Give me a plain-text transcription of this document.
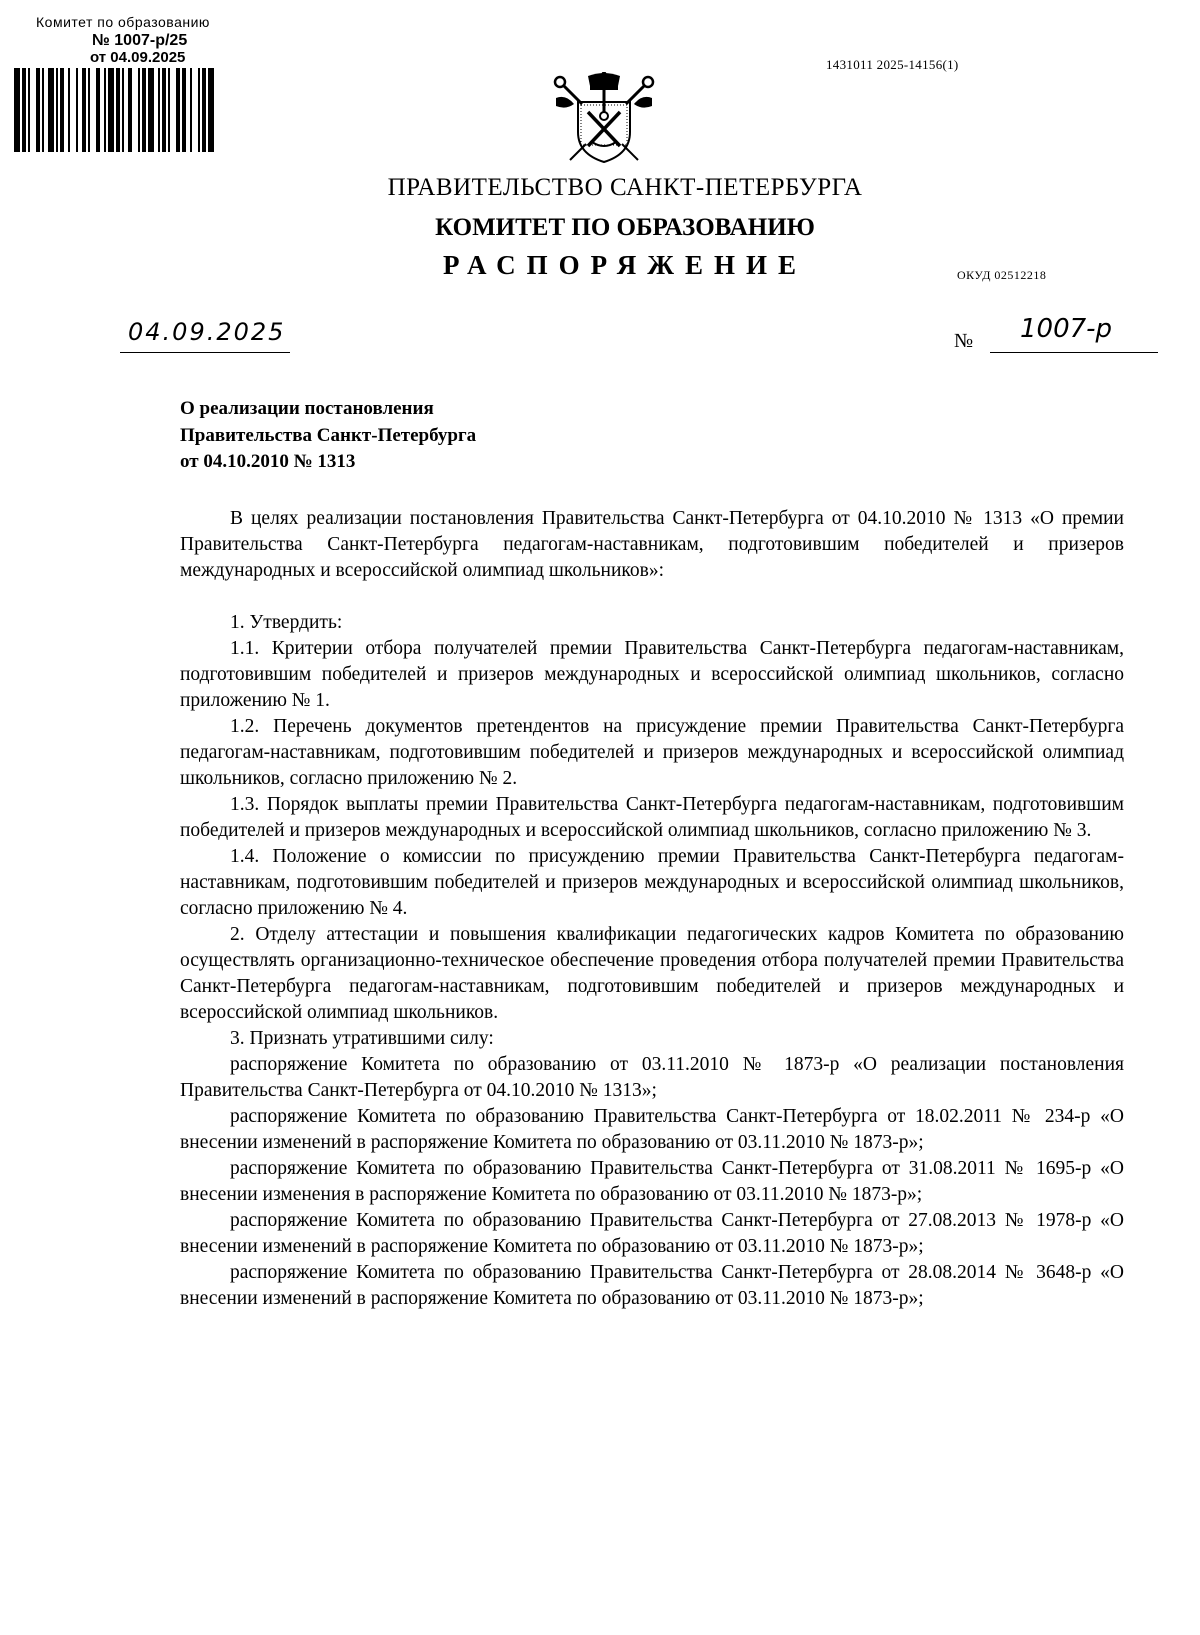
Комитет по образованию
№ 1007-р/25
от 04.09.2025	1431011 2025-14156(1)
ПРАВИТЕЛЬСТВО САНКТ-ПЕТЕРБУРГА
КОМИТЕТ ПО ОБРАЗОВАНИЮ
РАСПОРЯЖЕНИЕ	ОКУД 02512218
04.09.2025	№ 1007-р
О реализации постановления
Правительства Санкт-Петербурга
от 04.10.2010 № 1313

В целях реализации постановления Правительства Санкт-Петербурга от 04.10.2010 № 1313 «О премии Правительства Санкт-Петербурга педагогам-наставникам, подготовившим победителей и призеров международных и всероссийской олимпиад школьников»:

1. Утвердить:

1.1. Критерии отбора получателей премии Правительства Санкт-Петербурга педагогам-наставникам, подготовившим победителей и призеров международных и всероссийской олимпиад школьников, согласно приложению № 1.

1.2. Перечень документов претендентов на присуждение премии Правительства Санкт-Петербурга педагогам-наставникам, подготовившим победителей и призеров международных и всероссийской олимпиад школьников, согласно приложению № 2.

1.3. Порядок выплаты премии Правительства Санкт-Петербурга педагогам-наставникам, подготовившим победителей и призеров международных и всероссийской олимпиад школьников, согласно приложению № 3.

1.4. Положение о комиссии по присуждению премии Правительства Санкт-Петербурга педагогам-наставникам, подготовившим победителей и призеров международных и всероссийской олимпиад школьников, согласно приложению № 4.

2. Отделу аттестации и повышения квалификации педагогических кадров Комитета по образованию осуществлять организационно-техническое обеспечение проведения отбора получателей премии Правительства Санкт-Петербурга педагогам-наставникам, подготовившим победителей и призеров международных и всероссийской олимпиад школьников.

3. Признать утратившими силу:

распоряжение Комитета по образованию от 03.11.2010 № 1873-р «О реализации постановления Правительства Санкт-Петербурга от 04.10.2010 № 1313»;

распоряжение Комитета по образованию Правительства Санкт-Петербурга от 18.02.2011 № 234-р «О внесении изменений в распоряжение Комитета по образованию от 03.11.2010 № 1873-р»;

распоряжение Комитета по образованию Правительства Санкт-Петербурга от 31.08.2011 № 1695-р «О внесении изменения в распоряжение Комитета по образованию от 03.11.2010 № 1873-р»;

распоряжение Комитета по образованию Правительства Санкт-Петербурга от 27.08.2013 № 1978-р «О внесении изменений в распоряжение Комитета по образованию от 03.11.2010 № 1873-р»;

распоряжение Комитета по образованию Правительства Санкт-Петербурга от 28.08.2014 № 3648-р «О внесении изменений в распоряжение Комитета по образованию от 03.11.2010 № 1873-р»;
